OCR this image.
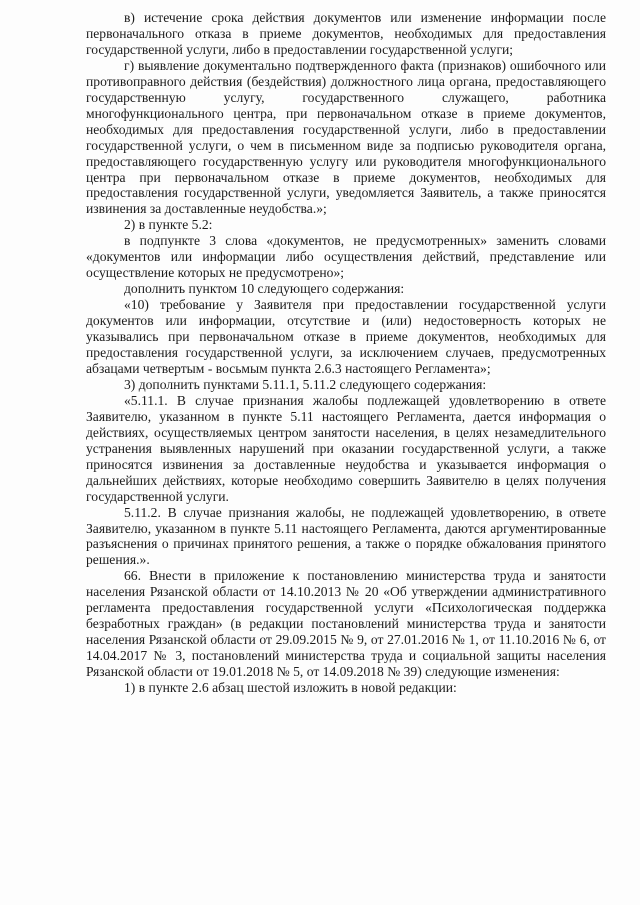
в) истечение срока действия документов или изменение информации после первоначального отказа в приеме документов, необходимых для предоставления государственной услуги, либо в предоставлении государственной услуги;

г) выявление документально подтвержденного факта (признаков) ошибочного или противоправного действия (бездействия) должностного лица органа, предоставляющего государственную услугу, государственного служащего, работника многофункционального центра, при первоначальном отказе в приеме документов, необходимых для предоставления государственной услуги, либо в предоставлении государственной услуги, о чем в письменном виде за подписью руководителя органа, предоставляющего государственную услугу или руководителя многофункционального центра при первоначальном отказе в приеме документов, необходимых для предоставления государственной услуги, уведомляется Заявитель, а также приносятся извинения за доставленные неудобства.»;

2) в пункте 5.2:

в подпункте 3 слова «документов, не предусмотренных» заменить словами «документов или информации либо осуществления действий, представление или осуществление которых не предусмотрено»;

дополнить пунктом 10 следующего содержания:

«10) требование у Заявителя при предоставлении государственной услуги документов или информации, отсутствие и (или) недостоверность которых не указывались при первоначальном отказе в приеме документов, необходимых для предоставления государственной услуги, за исключением случаев, предусмотренных абзацами четвертым - восьмым пункта 2.6.3 настоящего Регламента»;

3) дополнить пунктами 5.11.1, 5.11.2 следующего содержания:

«5.11.1. В случае признания жалобы подлежащей удовлетворению в ответе Заявителю, указанном в пункте 5.11 настоящего Регламента, дается информация о действиях, осуществляемых центром занятости населения, в целях незамедлительного устранения выявленных нарушений при оказании государственной услуги, а также приносятся извинения за доставленные неудобства и указывается информация о дальнейших действиях, которые необходимо совершить Заявителю в целях получения государственной услуги.

5.11.2. В случае признания жалобы, не подлежащей удовлетворению, в ответе Заявителю, указанном в пункте 5.11 настоящего Регламента, даются аргументированные разъяснения о причинах принятого решения, а также о порядке обжалования принятого решения.».

66. Внести в приложение к постановлению министерства труда и занятости населения Рязанской области от 14.10.2013 № 20 «Об утверждении административного регламента предоставления государственной услуги «Психологическая поддержка безработных граждан» (в редакции постановлений министерства труда и занятости населения Рязанской области от 29.09.2015 № 9, от 27.01.2016 № 1, от 11.10.2016 № 6, от 14.04.2017 № 3, постановлений министерства труда и социальной защиты населения Рязанской области от 19.01.2018 № 5, от 14.09.2018 № 39) следующие изменения:

1) в пункте 2.6 абзац шестой изложить в новой редакции:
